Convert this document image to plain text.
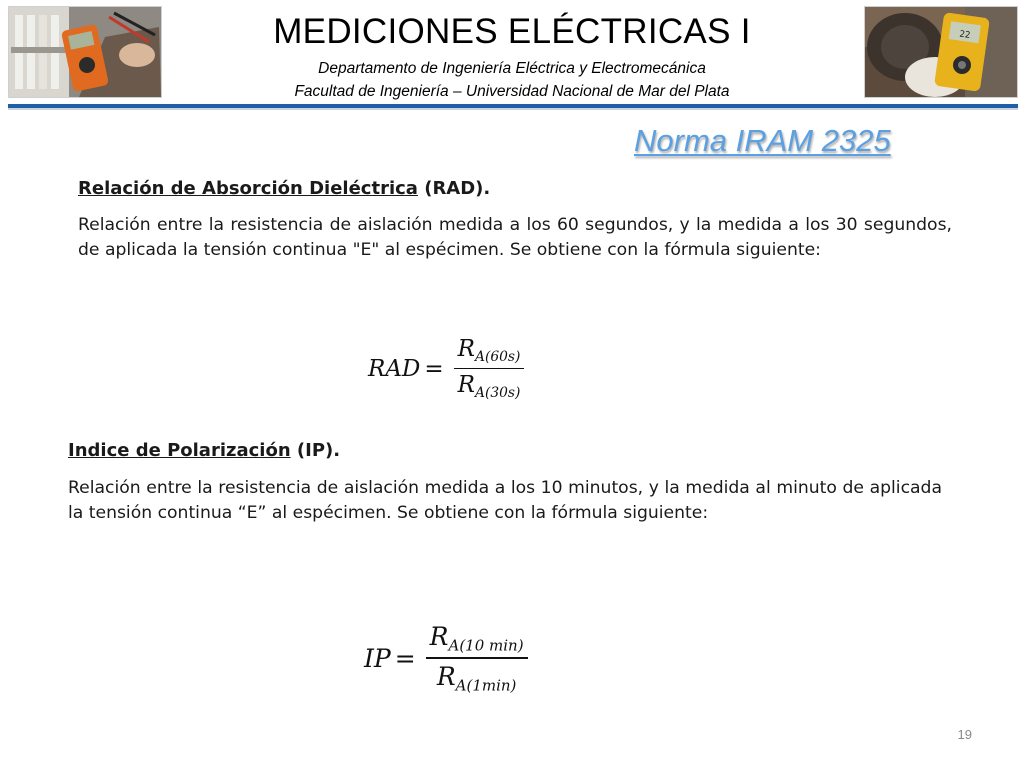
22
MEDICIONES ELÉCTRICAS I
Departamento de Ingeniería Eléctrica y Electromecánica
Facultad de Ingeniería – Universidad Nacional de Mar del Plata
Norma IRAM 2325
Relación de Absorción Dieléctrica (RAD).
Relación entre la resistencia de aislación medida a los 60 segundos, y la medida a los 30 segundos, de aplicada la tensión continua "E" al espécimen. Se obtiene con la fórmula siguiente:
RAD = $\frac{R_{A(60s)}}{R_{A(30s)}}$
Indice de Polarización (IP).
Relación entre la resistencia de aislación medida a los 10 minutos, y la medida al minuto de aplicada la tensión continua “E” al espécimen. Se obtiene con la fórmula siguiente:
IP = $\frac{R_{A(10 min)}}{R_{A(1min)}}$
19
